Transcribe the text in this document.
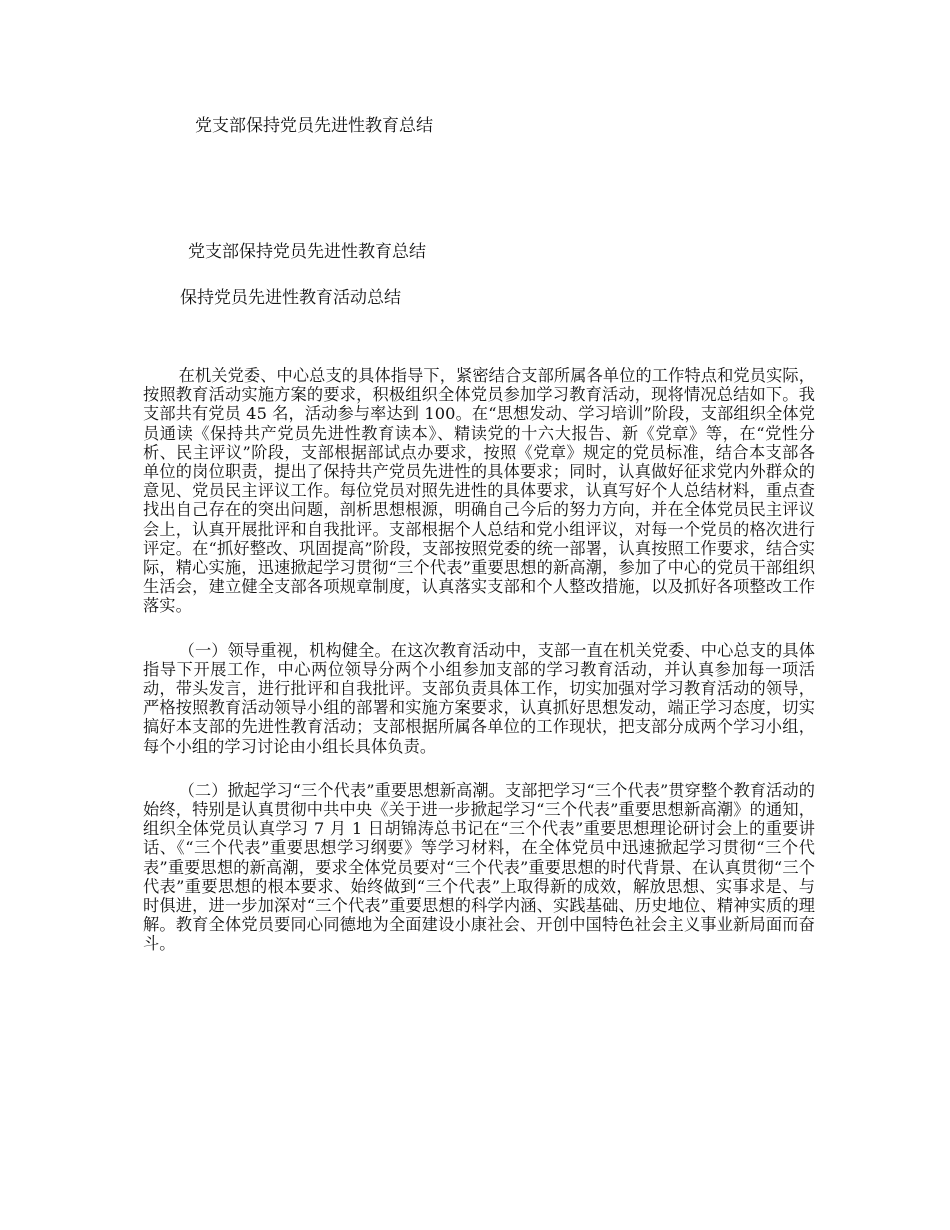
党支部保持党员先进性教育总结
党支部保持党员先进性教育总结
保持党员先进性教育活动总结

在机关党委、中心总支的具体指导下，紧密结合支部所属各单位的工作特点和党员实际，按照教育活动实施方案的要求，积极组织全体党员参加学习教育活动，现将情况总结如下。我支部共有党员 45 名，活动参与率达到 100。在“思想发动、学习培训”阶段，支部组织全体党员通读《保持共产党员先进性教育读本》、精读党的十六大报告、新《党章》等，在“党性分析、民主评议”阶段，支部根据部试点办要求，按照《党章》规定的党员标准，结合本支部各单位的岗位职责，提出了保持共产党员先进性的具体要求；同时，认真做好征求党内外群众的意见、党员民主评议工作。每位党员对照先进性的具体要求，认真写好个人总结材料，重点查找出自己存在的突出问题，剖析思想根源，明确自己今后的努力方向，并在全体党员民主评议会上，认真开展批评和自我批评。支部根据个人总结和党小组评议，对每一个党员的格次进行评定。在“抓好整改、巩固提高”阶段，支部按照党委的统一部署，认真按照工作要求，结合实际，精心实施，迅速掀起学习贯彻“三个代表”重要思想的新高潮，参加了中心的党员干部组织生活会，建立健全支部各项规章制度，认真落实支部和个人整改措施，以及抓好各项整改工作落实。

（一）领导重视，机构健全。在这次教育活动中，支部一直在机关党委、中心总支的具体指导下开展工作，中心两位领导分两个小组参加支部的学习教育活动，并认真参加每一项活动，带头发言，进行批评和自我批评。支部负责具体工作，切实加强对学习教育活动的领导，严格按照教育活动领导小组的部署和实施方案要求，认真抓好思想发动，端正学习态度，切实搞好本支部的先进性教育活动；支部根据所属各单位的工作现状，把支部分成两个学习小组，每个小组的学习讨论由小组长具体负责。

（二）掀起学习“三个代表”重要思想新高潮。支部把学习“三个代表”贯穿整个教育活动的始终，特别是认真贯彻中共中央《关于进一步掀起学习“三个代表”重要思想新高潮》的通知，组织全体党员认真学习 7 月 1 日胡锦涛总书记在“三个代表”重要思想理论研讨会上的重要讲话、《“三个代表”重要思想学习纲要》等学习材料，在全体党员中迅速掀起学习贯彻“三个代表”重要思想的新高潮，要求全体党员要对“三个代表”重要思想的时代背景、在认真贯彻“三个代表”重要思想的根本要求、始终做到“三个代表”上取得新的成效，解放思想、实事求是、与时俱进，进一步加深对“三个代表”重要思想的科学内涵、实践基础、历史地位、精神实质的理解。教育全体党员要同心同德地为全面建设小康社会、开创中国特色社会主义事业新局面而奋斗。
